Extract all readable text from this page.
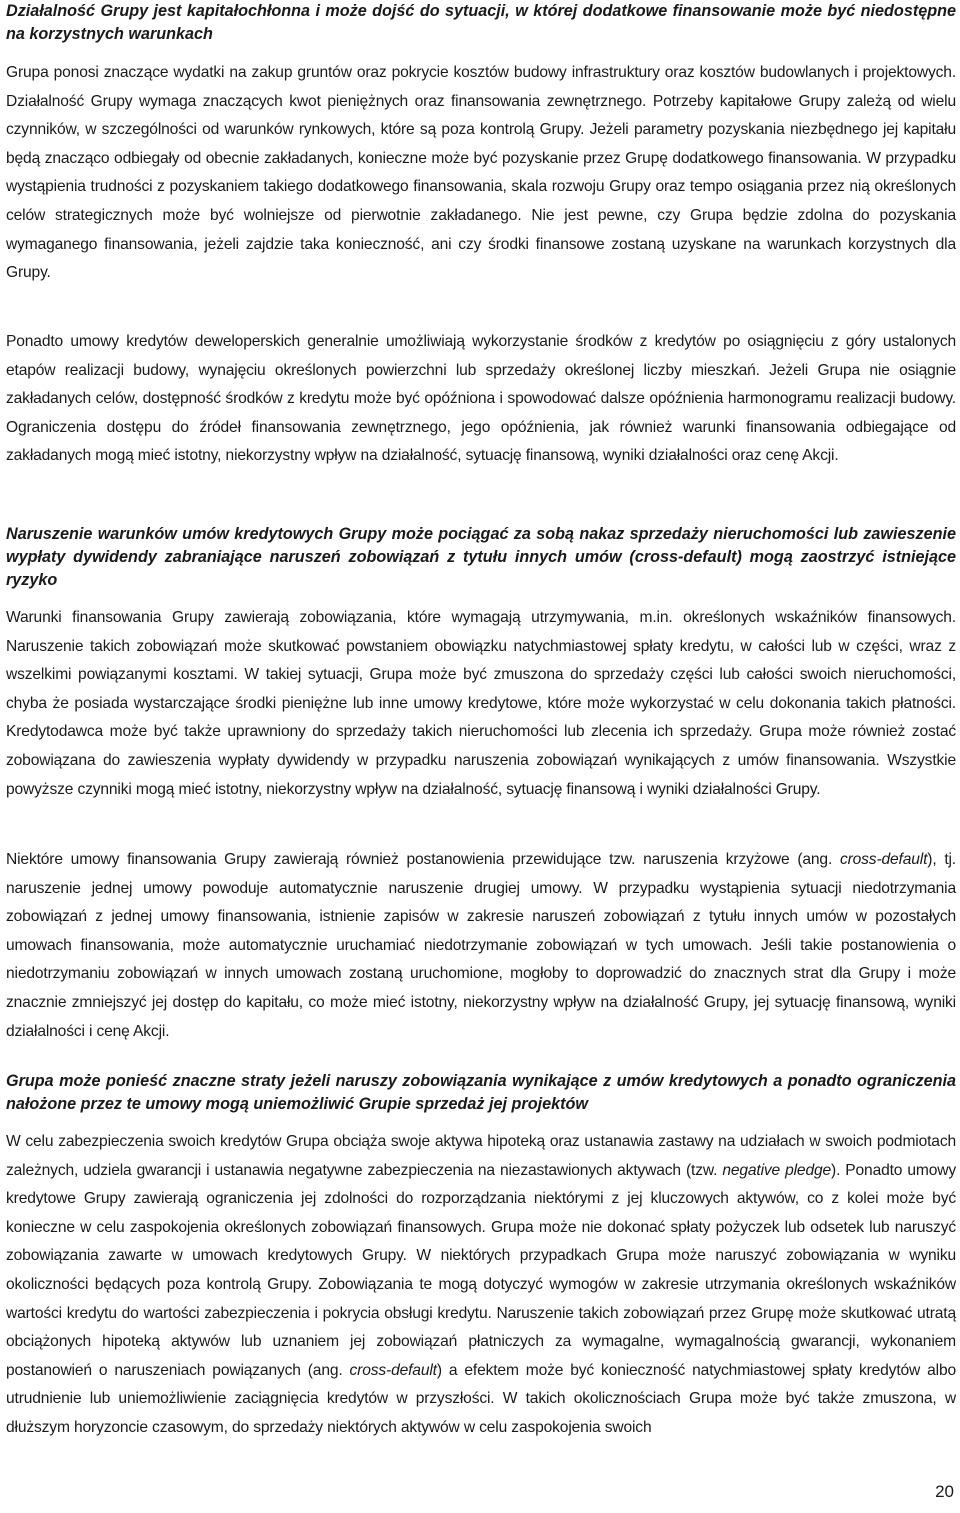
Działalność Grupy jest kapitałochłonna i może dojść do sytuacji, w której dodatkowe finansowanie może być niedostępne na korzystnych warunkach

Grupa ponosi znaczące wydatki na zakup gruntów oraz pokrycie kosztów budowy infrastruktury oraz kosztów budowlanych i projektowych. Działalność Grupy wymaga znaczących kwot pieniężnych oraz finansowania zewnętrznego. Potrzeby kapitałowe Grupy zależą od wielu czynników, w szczególności od warunków rynkowych, które są poza kontrolą Grupy. Jeżeli parametry pozyskania niezbędnego jej kapitału będą znacząco odbiegały od obecnie zakładanych, konieczne może być pozyskanie przez Grupę dodatkowego finansowania. W przypadku wystąpienia trudności z pozyskaniem takiego dodatkowego finansowania, skala rozwoju Grupy oraz tempo osiągania przez nią określonych celów strategicznych może być wolniejsze od pierwotnie zakładanego. Nie jest pewne, czy Grupa będzie zdolna do pozyskania wymaganego finansowania, jeżeli zajdzie taka konieczność, ani czy środki finansowe zostaną uzyskane na warunkach korzystnych dla Grupy.

Ponadto umowy kredytów deweloperskich generalnie umożliwiają wykorzystanie środków z kredytów po osiągnięciu z góry ustalonych etapów realizacji budowy, wynajęciu określonych powierzchni lub sprzedaży określonej liczby mieszkań. Jeżeli Grupa nie osiągnie zakładanych celów, dostępność środków z kredytu może być opóźniona i spowodować dalsze opóźnienia harmonogramu realizacji budowy. Ograniczenia dostępu do źródeł finansowania zewnętrznego, jego opóźnienia, jak również warunki finansowania odbiegające od zakładanych mogą mieć istotny, niekorzystny wpływ na działalność, sytuację finansową, wyniki działalności oraz cenę Akcji.

Naruszenie warunków umów kredytowych Grupy może pociągać za sobą nakaz sprzedaży nieruchomości lub zawieszenie wypłaty dywidendy zabraniające naruszeń zobowiązań z tytułu innych umów (cross-default) mogą zaostrzyć istniejące ryzyko

Warunki finansowania Grupy zawierają zobowiązania, które wymagają utrzymywania, m.in. określonych wskaźników finansowych. Naruszenie takich zobowiązań może skutkować powstaniem obowiązku natychmiastowej spłaty kredytu, w całości lub w części, wraz z wszelkimi powiązanymi kosztami. W takiej sytuacji, Grupa może być zmuszona do sprzedaży części lub całości swoich nieruchomości, chyba że posiada wystarczające środki pieniężne lub inne umowy kredytowe, które może wykorzystać w celu dokonania takich płatności. Kredytodawca może być także uprawniony do sprzedaży takich nieruchomości lub zlecenia ich sprzedaży. Grupa może również zostać zobowiązana do zawieszenia wypłaty dywidendy w przypadku naruszenia zobowiązań wynikających z umów finansowania. Wszystkie powyższe czynniki mogą mieć istotny, niekorzystny wpływ na działalność, sytuację finansową i wyniki działalności Grupy.

Niektóre umowy finansowania Grupy zawierają również postanowienia przewidujące tzw. naruszenia krzyżowe (ang. cross-default), tj. naruszenie jednej umowy powoduje automatycznie naruszenie drugiej umowy. W przypadku wystąpienia sytuacji niedotrzymania zobowiązań z jednej umowy finansowania, istnienie zapisów w zakresie naruszeń zobowiązań z tytułu innych umów w pozostałych umowach finansowania, może automatycznie uruchamiać niedotrzymanie zobowiązań w tych umowach. Jeśli takie postanowienia o niedotrzymaniu zobowiązań w innych umowach zostaną uruchomione, mogłoby to doprowadzić do znacznych strat dla Grupy i może znacznie zmniejszyć jej dostęp do kapitału, co może mieć istotny, niekorzystny wpływ na działalność Grupy, jej sytuację finansową, wyniki działalności i cenę Akcji.

Grupa może ponieść znaczne straty jeżeli naruszy zobowiązania wynikające z umów kredytowych a ponadto ograniczenia nałożone przez te umowy mogą uniemożliwić Grupie sprzedaż jej projektów

W celu zabezpieczenia swoich kredytów Grupa obciąża swoje aktywa hipoteką oraz ustanawia zastawy na udziałach w swoich podmiotach zależnych, udziela gwarancji i ustanawia negatywne zabezpieczenia na niezastawionych aktywach (tzw. negative pledge). Ponadto umowy kredytowe Grupy zawierają ograniczenia jej zdolności do rozporządzania niektórymi z jej kluczowych aktywów, co z kolei może być konieczne w celu zaspokojenia określonych zobowiązań finansowych. Grupa może nie dokonać spłaty pożyczek lub odsetek lub naruszyć zobowiązania zawarte w umowach kredytowych Grupy. W niektórych przypadkach Grupa może naruszyć zobowiązania w wyniku okoliczności będących poza kontrolą Grupy. Zobowiązania te mogą dotyczyć wymogów w zakresie utrzymania określonych wskaźników wartości kredytu do wartości zabezpieczenia i pokrycia obsługi kredytu. Naruszenie takich zobowiązań przez Grupę może skutkować utratą obciążonych hipoteką aktywów lub uznaniem jej zobowiązań płatniczych za wymagalne, wymagalnością gwarancji, wykonaniem postanowień o naruszeniach powiązanych (ang. cross-default) a efektem może być konieczność natychmiastowej spłaty kredytów albo utrudnienie lub uniemożliwienie zaciągnięcia kredytów w przyszłości. W takich okolicznościach Grupa może być także zmuszona, w dłuższym horyzoncie czasowym, do sprzedaży niektórych aktywów w celu zaspokojenia swoich

20
